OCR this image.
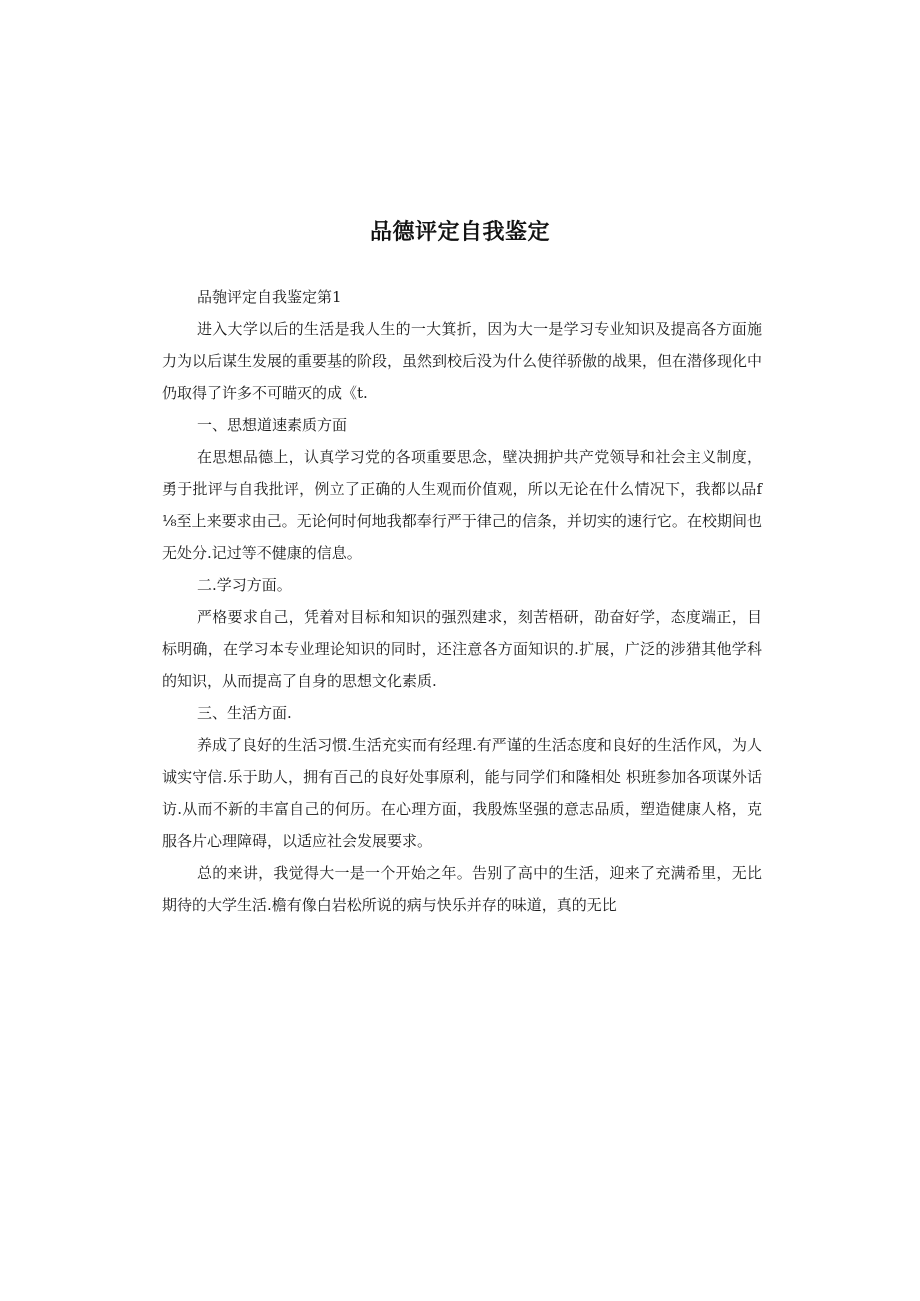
品德评定自我鉴定

品匏评定自我鉴定第1

进入大学以后的生活是我人生的一大箕折，因为大一是学习专业知识及提高各方面施力为以后谋生发展的重要基的阶段，虽然到校后没为什么使徉骄傲的战果，但在潜侈现化中仍取得了许多不可瞄灭的成《t.

一、思想道速素质方面

在思想品德上，认真学习党的各项重要思念，壁决拥护共产党领导和社会主义制度，勇于批评与自我批评，例立了正确的人生观而价值观，所以无论在什么情况下，我都以品f⅛至上来要求由己。无论何时何地我都奉行严于律己的信条，并切实的速行它。在校期间也无处分.记过等不健康的信息。

二.学习方面。

严格要求自己，凭着对目标和知识的强烈建求，刻苦梧研，劭奋好学，态度端正，目标明确，在学习本专业理论知识的同时，还注意各方面知识的.扩展，广泛的涉猎其他学科的知识，从而提高了自身的思想文化素质.

三、生活方面.

养成了良好的生活习惯.生活充实而有经理.有严谨的生活态度和良好的生活作风，为人诚实守信.乐于助人，拥有百己的良好处事原利，能与同学们和隆相处 枳班参加各项谋外话访.从而不新的丰富自己的何历。在心理方面，我殷炼坚强的意志品质，塑造健康人格，克服各片心理障碍，以适应社会发展要求。

总的来讲，我觉得大一是一个开始之年。告别了高中的生活，迎来了充满希里，无比期待的大学生活.檐有像白岩松所说的病与快乐并存的味道，真的无比
